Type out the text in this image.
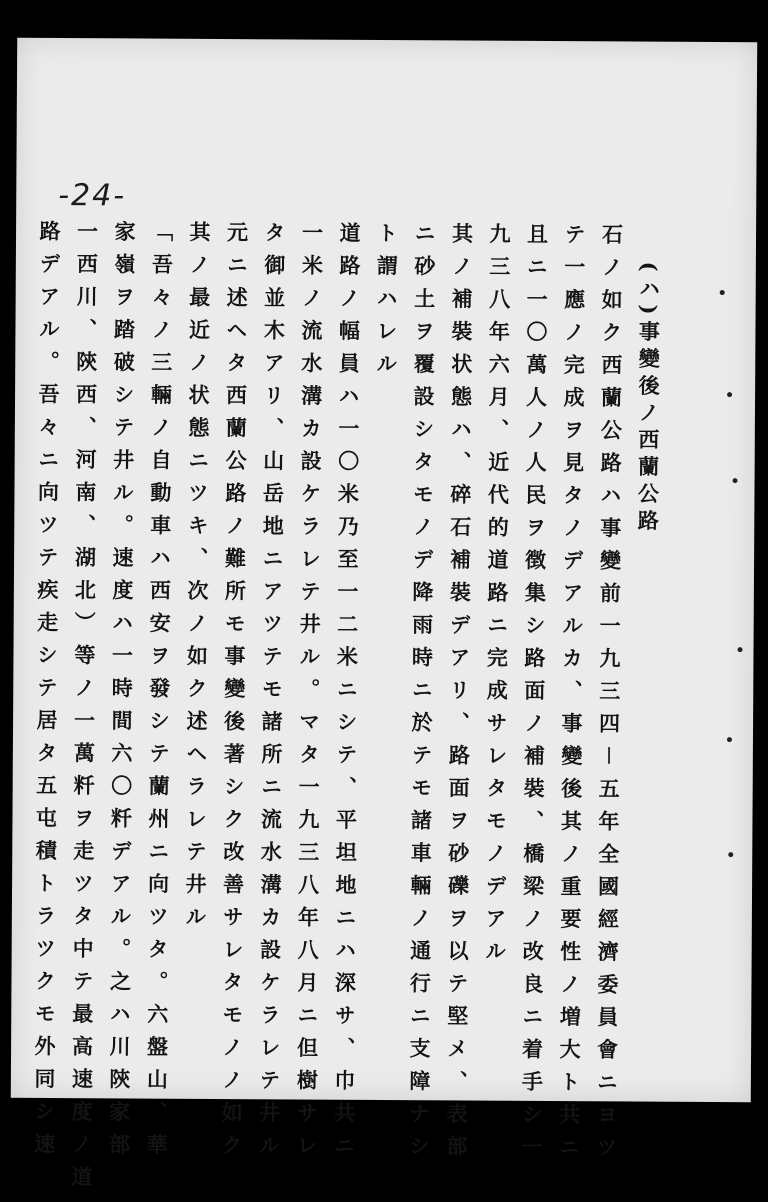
-24-
(ハ)事變後ノ西蘭公路
石ノ如ク西蘭公路ハ事變前一九三四－五年全國經濟委員會ニヨツ
テ一應ノ完成ヲ見タノデアルカ、事變後其ノ重要性ノ増大ト共ニ
且ニ一〇萬人ノ人民ヲ徴集シ路面ノ補裝、橋梁ノ改良ニ着手シ一
九三八年六月、近代的道路ニ完成サレタモノデアル
其ノ補裝状態ハ、碎石補裝デアリ、路面ヲ砂礫ヲ以テ堅メ、表部
ニ砂土ヲ覆設シタモノデ降雨時ニ於テモ諸車輛ノ通行ニ支障ナシ
ト謂ハレル
道路ノ幅員ハ一〇米乃至一二米ニシテ、平坦地ニハ深サ、巾共ニ
一米ノ流水溝カ設ケラレテ井ル。マタ一九三八年八月ニ但樹サレ
タ御並木アリ、山岳地ニアツテモ諸所ニ流水溝カ設ケラレテ井ル
元ニ述ヘタ西蘭公路ノ難所モ事變後著シク改善サレタモノノ如ク
其ノ最近ノ状態ニツキ、次ノ如ク述ヘラレテ井ル
「吾々ノ三輛ノ自動車ハ西安ヲ發シテ蘭州ニ向ツタ。六盤山、華
家嶺ヲ踏破シテ井ル。速度ハ一時間六〇粁デアル。之ハ川陝家部
一西川、陝西、河南、湖北）等ノ一萬粁ヲ走ツタ中テ最高速度ノ道
路デアル。吾々ニ向ツテ疾走シテ居タ五屯積トラツクモ外同シ速
